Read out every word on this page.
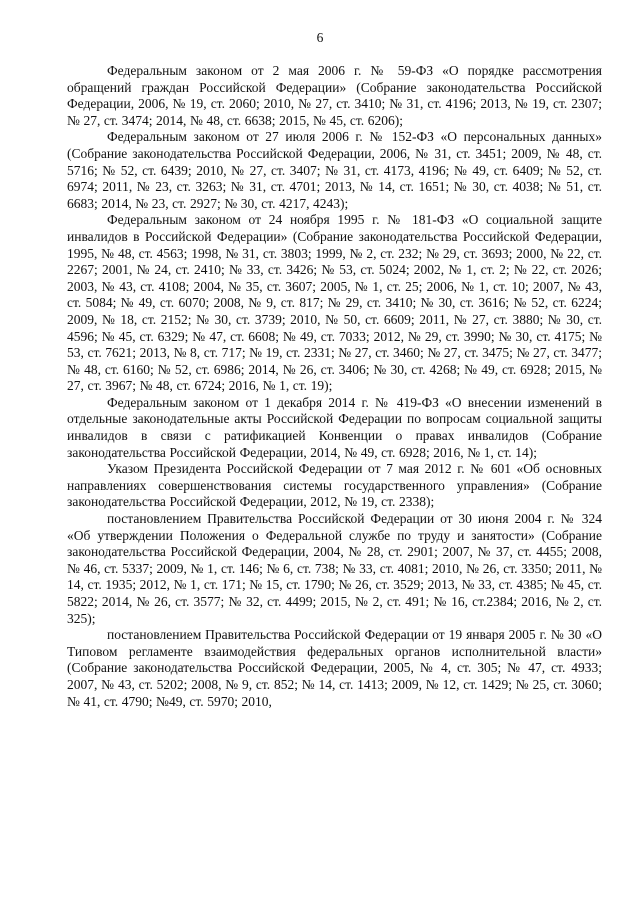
6

Федеральным законом от 2 мая 2006 г. № 59-ФЗ «О порядке рассмотрения обращений граждан Российской Федерации» (Собрание законодательства Российской Федерации, 2006, № 19, ст. 2060; 2010, № 27, ст. 3410; № 31, ст. 4196; 2013, № 19, ст. 2307; № 27, ст. 3474; 2014, № 48, ст. 6638; 2015, № 45, ст. 6206);

Федеральным законом от 27 июля 2006 г. № 152-ФЗ «О персональных данных» (Собрание законодательства Российской Федерации, 2006, № 31, ст. 3451; 2009, № 48, ст. 5716; № 52, ст. 6439; 2010, № 27, ст. 3407; № 31, ст. 4173, 4196; № 49, ст. 6409; № 52, ст. 6974; 2011, № 23, ст. 3263; № 31, ст. 4701; 2013, № 14, ст. 1651; № 30, ст. 4038; № 51, ст. 6683; 2014, № 23, ст. 2927; № 30, ст. 4217, 4243);

Федеральным законом от 24 ноября 1995 г. № 181-ФЗ «О социальной защите инвалидов в Российской Федерации» (Собрание законодательства Российской Федерации, 1995, № 48, ст. 4563; 1998, № 31, ст. 3803; 1999, № 2, ст. 232; № 29, ст. 3693; 2000, № 22, ст. 2267; 2001, № 24, ст. 2410; № 33, ст. 3426; № 53, ст. 5024; 2002, № 1, ст. 2; № 22, ст. 2026; 2003, № 43, ст. 4108; 2004, № 35, ст. 3607; 2005, № 1, ст. 25; 2006, № 1, ст. 10; 2007, № 43, ст. 5084; № 49, ст. 6070; 2008, № 9, ст. 817; № 29, ст. 3410; № 30, ст. 3616; № 52, ст. 6224; 2009, № 18, ст. 2152; № 30, ст. 3739; 2010, № 50, ст. 6609; 2011, № 27, ст. 3880; № 30, ст. 4596; № 45, ст. 6329; № 47, ст. 6608; № 49, ст. 7033; 2012, № 29, ст. 3990; № 30, ст. 4175; № 53, ст. 7621; 2013, № 8, ст. 717; № 19, ст. 2331; № 27, ст. 3460; № 27, ст. 3475; № 27, ст. 3477; № 48, ст. 6160; № 52, ст. 6986; 2014, № 26, ст. 3406; № 30, ст. 4268; № 49, ст. 6928; 2015, № 27, ст. 3967; № 48, ст. 6724; 2016, № 1, ст. 19);

Федеральным законом от 1 декабря 2014 г. № 419-ФЗ «О внесении изменений в отдельные законодательные акты Российской Федерации по вопросам социальной защиты инвалидов в связи с ратификацией Конвенции о правах инвалидов (Собрание законодательства Российской Федерации, 2014, № 49, ст. 6928; 2016, № 1, ст. 14);

Указом Президента Российской Федерации от 7 мая 2012 г. № 601 «Об основных направлениях совершенствования системы государственного управления» (Собрание законодательства Российской Федерации, 2012, № 19, ст. 2338);

постановлением Правительства Российской Федерации от 30 июня 2004 г. № 324 «Об утверждении Положения о Федеральной службе по труду и занятости» (Собрание законодательства Российской Федерации, 2004, № 28, ст. 2901; 2007, № 37, ст. 4455; 2008, № 46, ст. 5337; 2009, № 1, ст. 146; № 6, ст. 738; № 33, ст. 4081; 2010, № 26, ст. 3350; 2011, № 14, ст. 1935; 2012, № 1, ст. 171; № 15, ст. 1790; № 26, ст. 3529; 2013, № 33, ст. 4385; № 45, ст. 5822; 2014, № 26, ст. 3577; № 32, ст. 4499; 2015, № 2, ст. 491; № 16, ст.2384; 2016, № 2, ст. 325);

постановлением Правительства Российской Федерации от 19 января 2005 г. № 30 «О Типовом регламенте взаимодействия федеральных органов исполнительной власти» (Собрание законодательства Российской Федерации, 2005, № 4, ст. 305; № 47, ст. 4933; 2007, № 43, ст. 5202; 2008, № 9, ст. 852; № 14, ст. 1413; 2009, № 12, ст. 1429; № 25, ст. 3060; № 41, ст. 4790; №49, ст. 5970; 2010,
